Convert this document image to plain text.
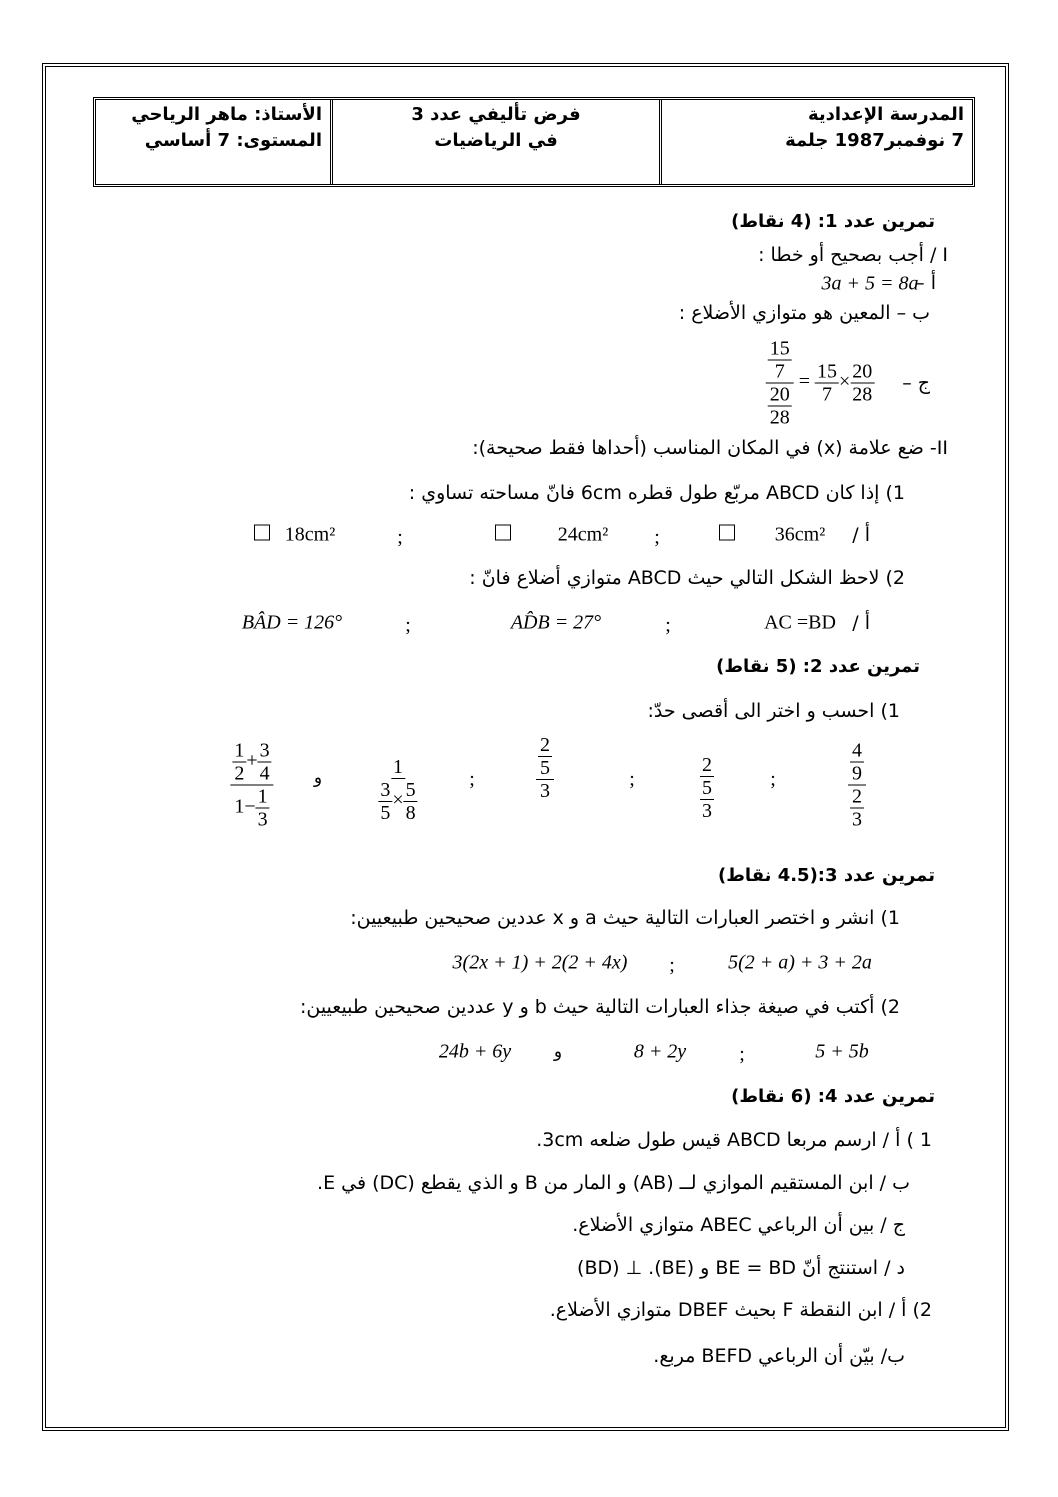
المدرسة الإعدادية
7 نوفمبر1987 جلمة
فرض تأليفي عدد 3
في الرياضيات
الأستاذ: ماهر الرياحي
المستوى: 7 أساسي
تمرين عدد 1: (4 نقاط)
I / أجب بصحيح أو خطا :
أ –
3a + 5 = 8a
ب – المعين هو متوازي الأضلاع :
ج –
$\frac{\frac{15}{7}}{\frac{20}{28}} = \frac{15}{7} \times \frac{20}{28}$
II- ضع علامة (x) في المكان المناسب (أحداها فقط صحيحة):
1) إذا كان ABCD مربّع طول قطره 6cm فانّ مساحته تساوي :
أ /
36cm²
;
24cm²
;
18cm²
2) لاحظ الشكل التالي حيث ABCD متوازي أضلاع فانّ :
أ /
AC =BD
;
AD̂B = 27°
;
BÂD = 126°
تمرين عدد 2: (5 نقاط)
1) احسب و اختر الى أقصى حدّ:
$\frac{\frac{4}{9}}{\frac{2}{3}}$
;
$\frac{2}{\frac{5}{3}}$
;
$\frac{\frac{2}{5}}{3}$
;
$\frac{1}{\frac{3}{5} \times \frac{5}{8}}$
و
$\frac{\frac{1}{2} + \frac{3}{4}}{1- \frac{1}{3}}$
تمرين عدد 3:(4.5 نقاط)
1) انشر و اختصر العبارات التالية حيث a و x عددين صحيحين طبيعيين:
5(2 + a) + 3 + 2a
;
3(2x + 1) + 2(2 + 4x)
2) أكتب في صيغة جذاء العبارات التالية حيث b و y عددين صحيحين طبيعيين:
5 + 5b
;
8 + 2y
و
24b + 6y
تمرين عدد 4: (6 نقاط)
1 ) أ / ارسم مربعا ABCD قيس طول ضلعه 3cm.
ب / ابن المستقيم الموازي لــ (AB) و المار من B و الذي يقطع (DC) في E.
ج / بين أن الرباعي ABEC متوازي الأضلاع.
د / استنتج أنّ BE = BD و (BE). ⊥ (BD)
2) أ / ابن النقطة F بحيث DBEF متوازي الأضلاع.
ب/ بيّن أن الرباعي BEFD مربع.
